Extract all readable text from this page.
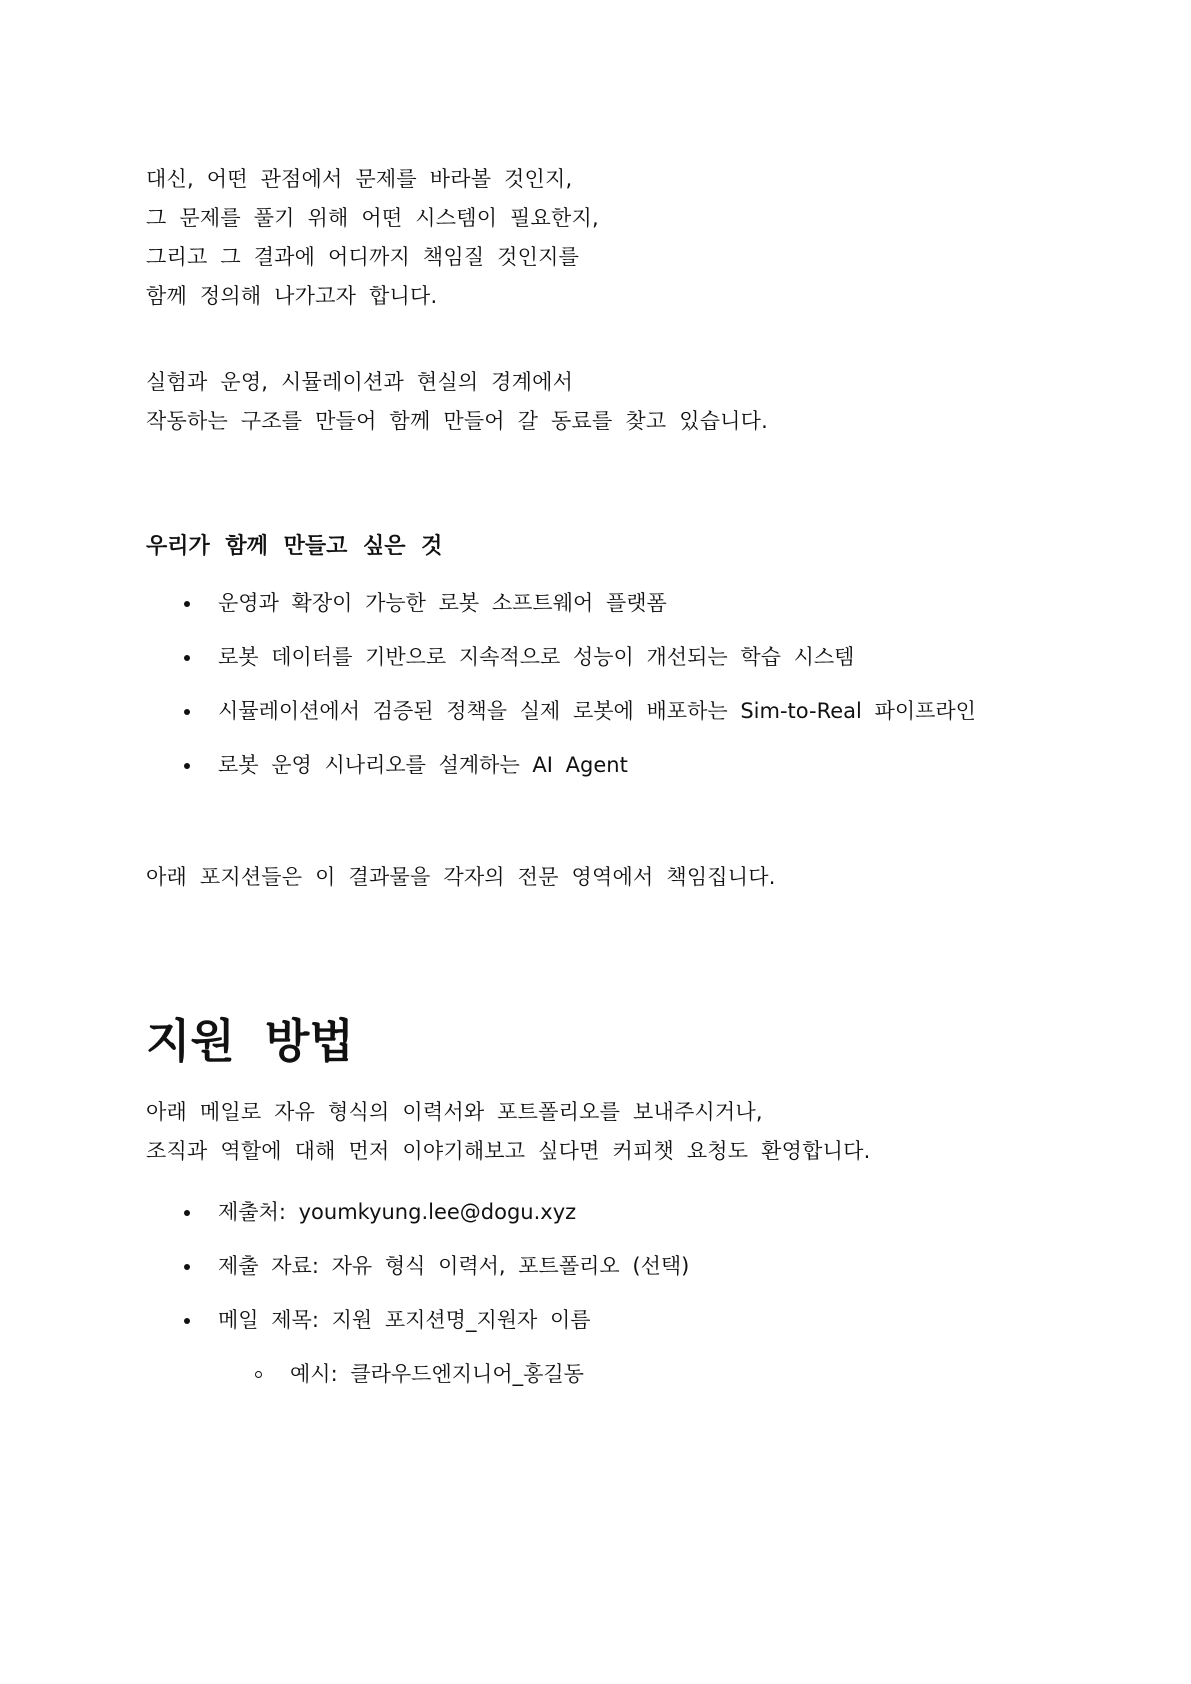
대신, 어떤 관점에서 문제를 바라볼 것인지,
그 문제를 풀기 위해 어떤 시스템이 필요한지,
그리고 그 결과에 어디까지 책임질 것인지를
함께 정의해 나가고자 합니다.

실험과 운영, 시뮬레이션과 현실의 경계에서
작동하는 구조를 만들어 함께 만들어 갈 동료를 찾고 있습니다.

우리가 함께 만들고 싶은 것
운영과 확장이 가능한 로봇 소프트웨어 플랫폼
로봇 데이터를 기반으로 지속적으로 성능이 개선되는 학습 시스템
시뮬레이션에서 검증된 정책을 실제 로봇에 배포하는 Sim-to-Real 파이프라인
로봇 운영 시나리오를 설계하는 AI Agent

아래 포지션들은 이 결과물을 각자의 전문 영역에서 책임집니다.

지원 방법

아래 메일로 자유 형식의 이력서와 포트폴리오를 보내주시거나,
조직과 역할에 대해 먼저 이야기해보고 싶다면 커피챗 요청도 환영합니다.

제출처: youmkyung.lee@dogu.xyz
제출 자료: 자유 형식 이력서, 포트폴리오 (선택)
메일 제목: 지원 포지션명_지원자 이름
예시: 클라우드엔지니어_홍길동
